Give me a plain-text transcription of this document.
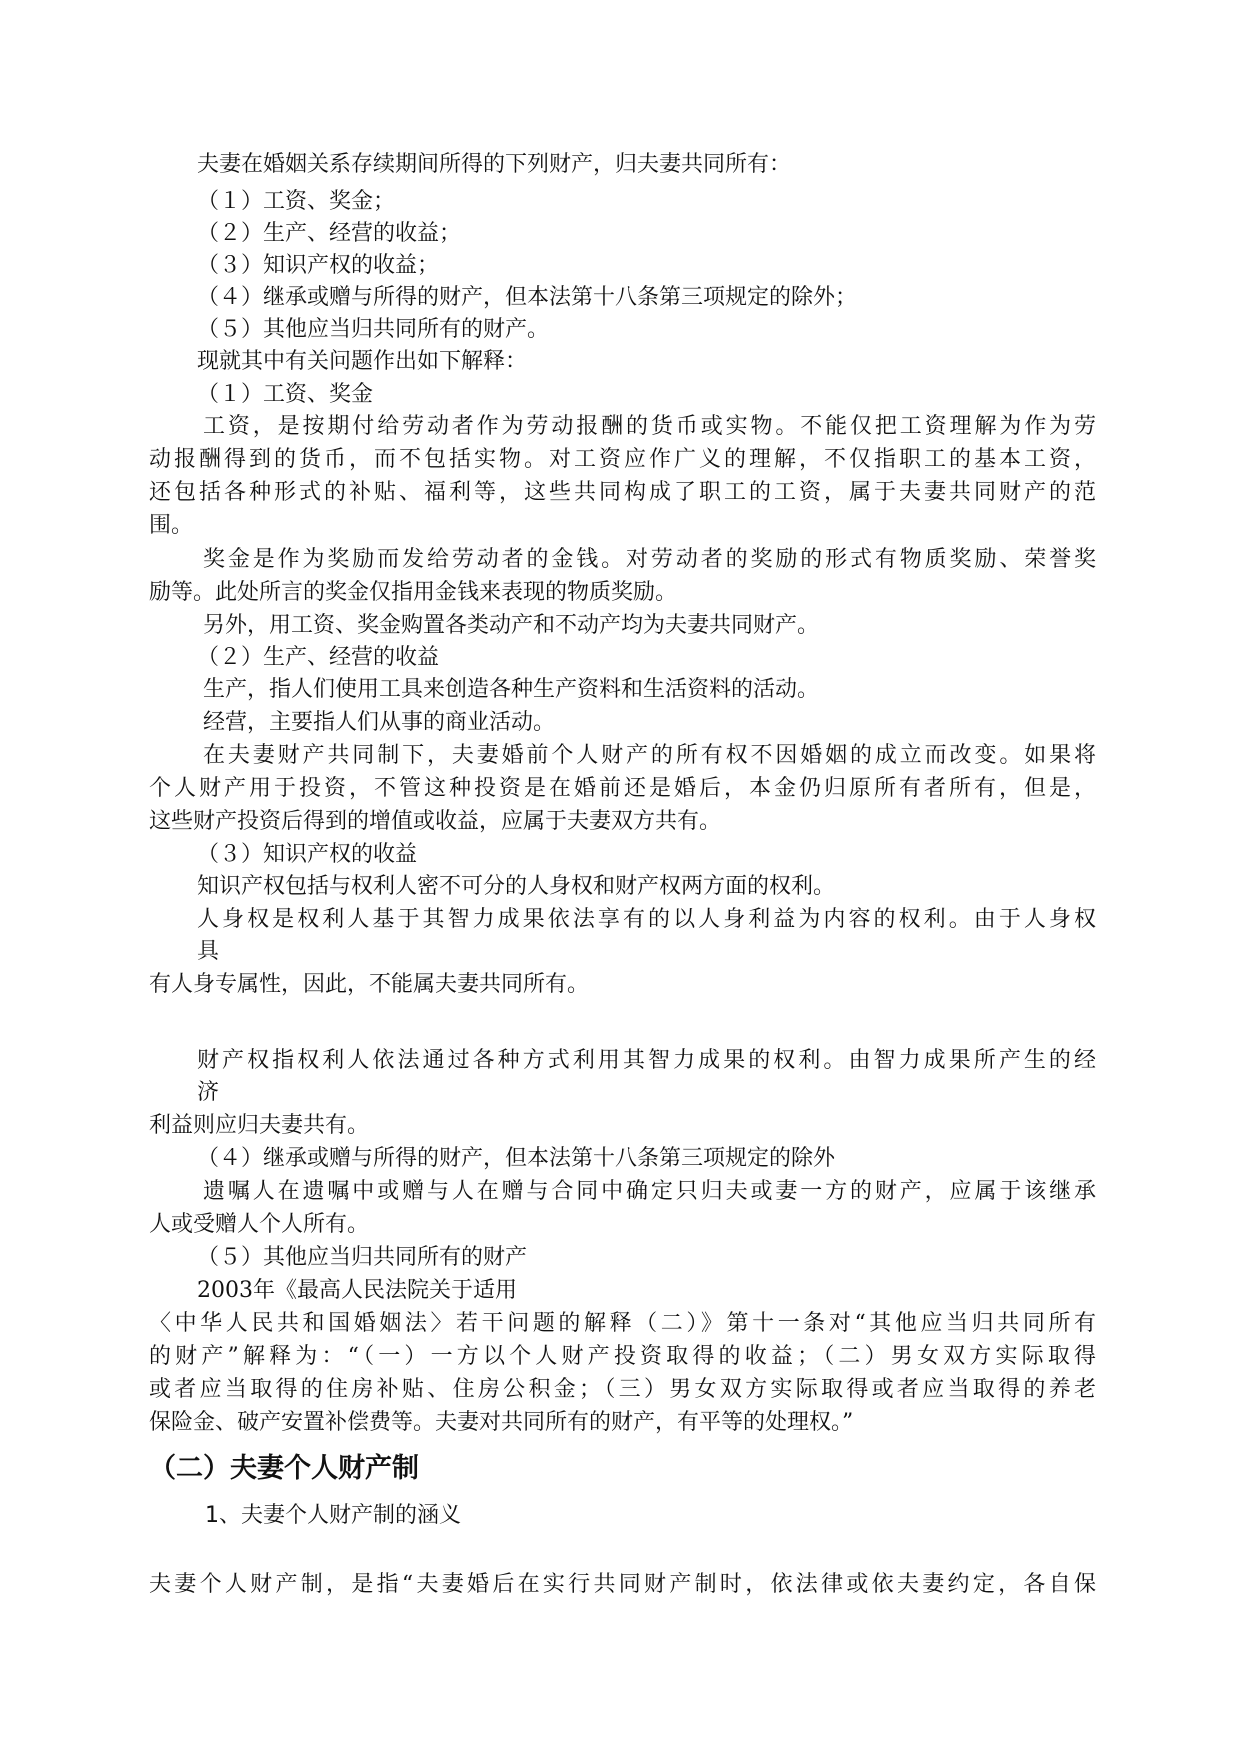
夫妻在婚姻关系存续期间所得的下列财产，归夫妻共同所有：
（１）工资、奖金；
（２）生产、经营的收益；
（３）知识产权的收益；
（４）继承或赠与所得的财产，但本法第十八条第三项规定的除外；
（５）其他应当归共同所有的财产。
现就其中有关问题作出如下解释：
（１）工资、奖金
工资，是按期付给劳动者作为劳动报酬的货币或实物。不能仅把工资理解为作为劳
动报酬得到的货币，而不包括实物。对工资应作广义的理解，不仅指职工的基本工资，
还包括各种形式的补贴、福利等，这些共同构成了职工的工资，属于夫妻共同财产的范
围。
奖金是作为奖励而发给劳动者的金钱。对劳动者的奖励的形式有物质奖励、荣誉奖
励等。此处所言的奖金仅指用金钱来表现的物质奖励。
另外，用工资、奖金购置各类动产和不动产均为夫妻共同财产。
（２）生产、经营的收益
生产，指人们使用工具来创造各种生产资料和生活资料的活动。
经营，主要指人们从事的商业活动。
在夫妻财产共同制下，夫妻婚前个人财产的所有权不因婚姻的成立而改变。如果将
个人财产用于投资，不管这种投资是在婚前还是婚后，本金仍归原所有者所有，但是，
这些财产投资后得到的增值或收益，应属于夫妻双方共有。
（３）知识产权的收益
知识产权包括与权利人密不可分的人身权和财产权两方面的权利。
人身权是权利人基于其智力成果依法享有的以人身利益为内容的权利。由于人身权
具
有人身专属性，因此，不能属夫妻共同所有。
财产权指权利人依法通过各种方式利用其智力成果的权利。由智力成果所产生的经
济
利益则应归夫妻共有。
（４）继承或赠与所得的财产，但本法第十八条第三项规定的除外
遗嘱人在遗嘱中或赠与人在赠与合同中确定只归夫或妻一方的财产，应属于该继承
人或受赠人个人所有。
（５）其他应当归共同所有的财产
2003年《最高人民法院关于适用
〈中华人民共和国婚姻法〉若干问题的解释（二）》第十一条对“其他应当归共同所有
的财产”解释为：“（一）一方以个人财产投资取得的收益；（二）男女双方实际取得
或者应当取得的住房补贴、住房公积金；（三）男女双方实际取得或者应当取得的养老
保险金、破产安置补偿费等。夫妻对共同所有的财产，有平等的处理权。”
（二）夫妻个人财产制
1、夫妻个人财产制的涵义
夫妻个人财产制，是指“夫妻婚后在实行共同财产制时，依法律或依夫妻约定，各自保
